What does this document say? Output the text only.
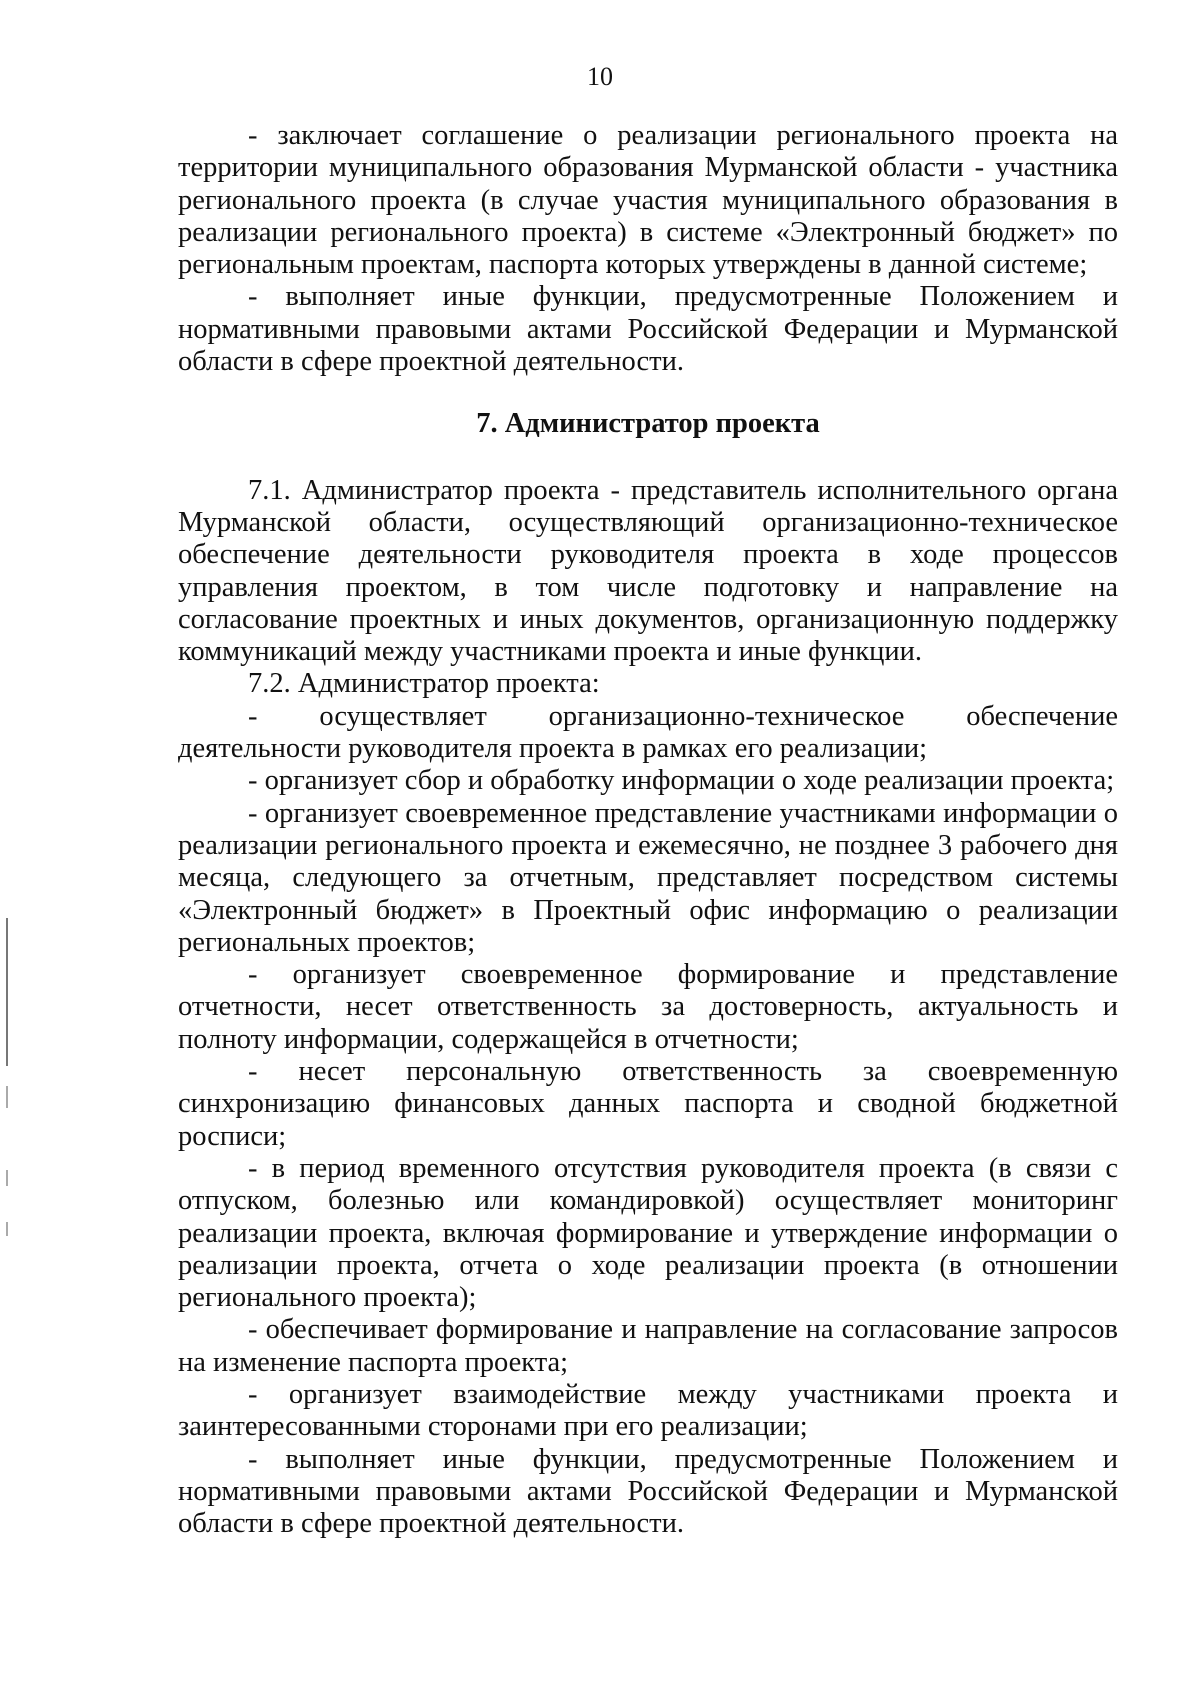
10

- заключает соглашение о реализации регионального проекта на территории муниципального образования Мурманской области - участника регионального проекта (в случае участия муниципального образования в реализации регионального проекта) в системе «Электронный бюджет» по региональным проектам, паспорта которых утверждены в данной системе;

- выполняет иные функции, предусмотренные Положением и нормативными правовыми актами Российской Федерации и Мурманской области в сфере проектной деятельности.

7. Администратор проекта

7.1. Администратор проекта - представитель исполнительного органа Мурманской области, осуществляющий организационно-техническое обеспечение деятельности руководителя проекта в ходе процессов управления проектом, в том числе подготовку и направление на согласование проектных и иных документов, организационную поддержку коммуникаций между участниками проекта и иные функции.

7.2. Администратор проекта:

- осуществляет организационно-техническое обеспечение деятельности руководителя проекта в рамках его реализации;

- организует сбор и обработку информации о ходе реализации проекта;

- организует своевременное представление участниками информации о реализации регионального проекта и ежемесячно, не позднее 3 рабочего дня месяца, следующего за отчетным, представляет посредством системы «Электронный бюджет» в Проектный офис информацию о реализации региональных проектов;

- организует своевременное формирование и представление отчетности, несет ответственность за достоверность, актуальность и полноту информации, содержащейся в отчетности;

- несет персональную ответственность за своевременную синхронизацию финансовых данных паспорта и сводной бюджетной росписи;

- в период временного отсутствия руководителя проекта (в связи с отпуском, болезнью или командировкой) осуществляет мониторинг реализации проекта, включая формирование и утверждение информации о реализации проекта, отчета о ходе реализации проекта (в отношении регионального проекта);

- обеспечивает формирование и направление на согласование запросов на изменение паспорта проекта;

- организует взаимодействие между участниками проекта и заинтересованными сторонами при его реализации;

- выполняет иные функции, предусмотренные Положением и нормативными правовыми актами Российской Федерации и Мурманской области в сфере проектной деятельности.
